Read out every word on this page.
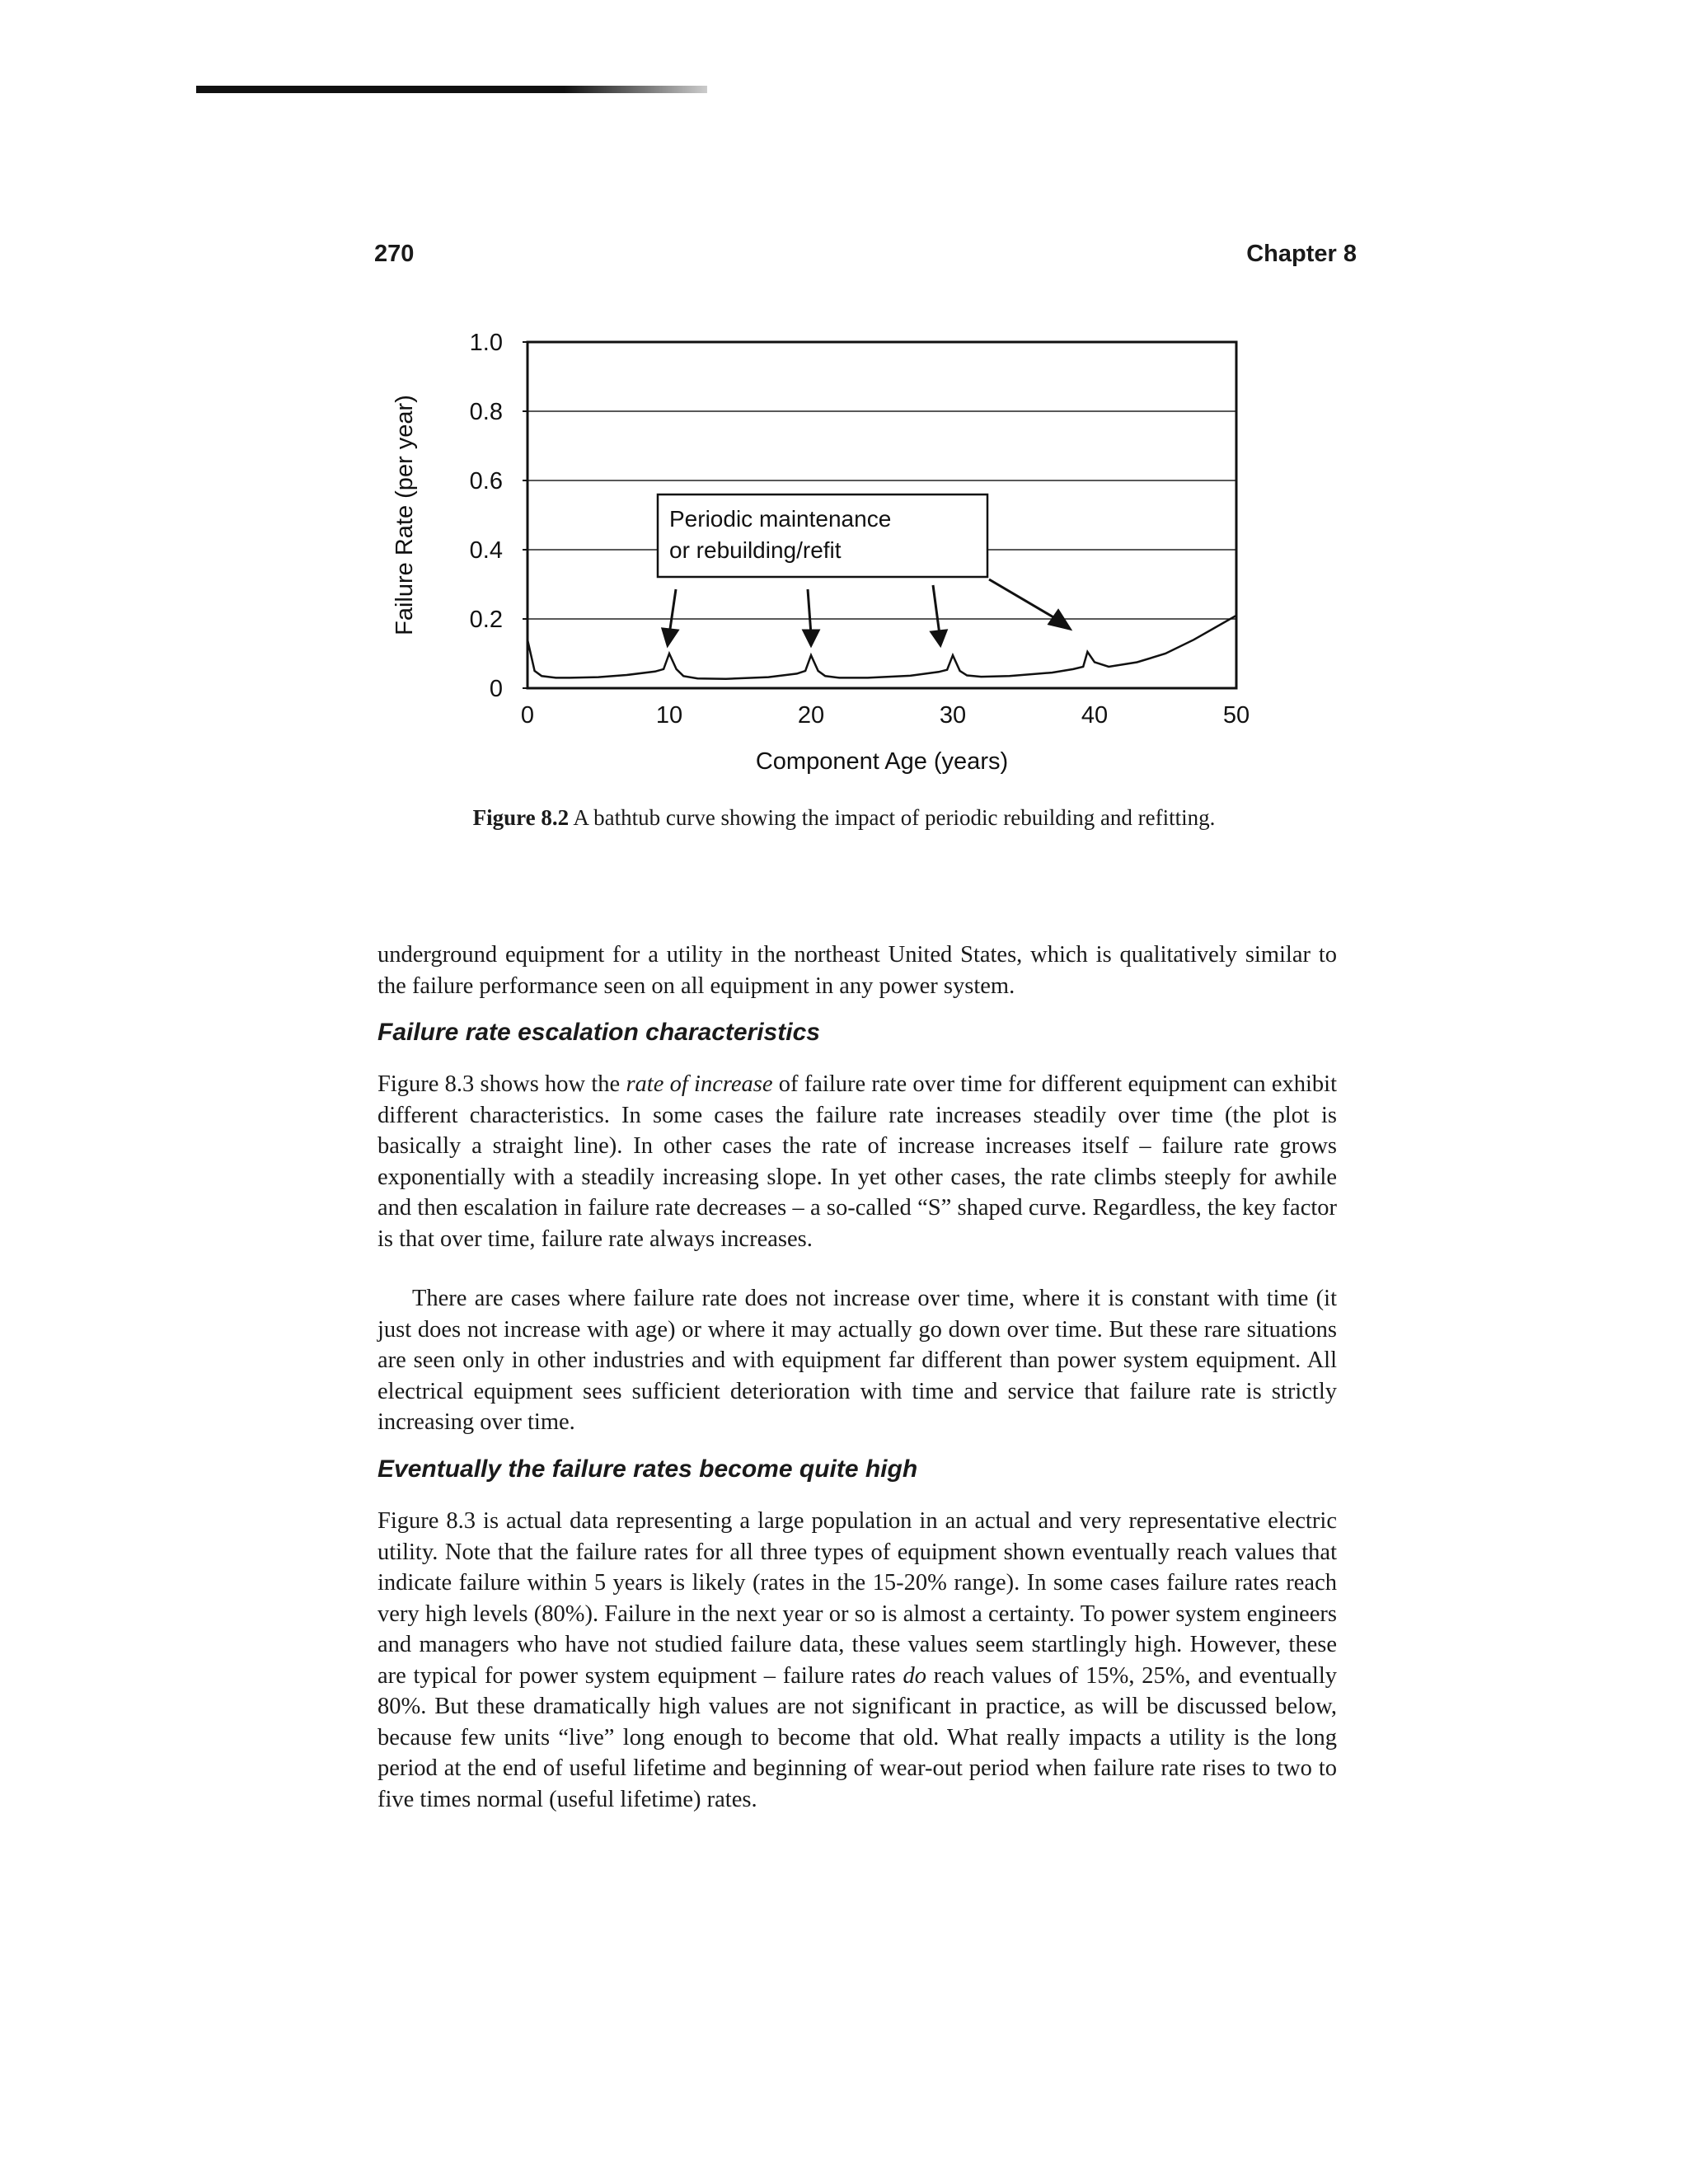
270	Chapter 8
0
0.2
0.4
0.6
0.8
1.0
0	10	20	30	40	50
Failure Rate (per year)
Component Age (years)
Periodic maintenance
or rebuilding/refit
Figure 8.2 A bathtub curve showing the impact of periodic rebuilding and refitting.

underground equipment for a utility in the northeast United States, which is qualitatively similar to the failure performance seen on all equipment in any power system.

Failure rate escalation characteristics

Figure 8.3 shows how the rate of increase of failure rate over time for different equipment can exhibit different characteristics. In some cases the failure rate increases steadily over time (the plot is basically a straight line). In other cases the rate of increase increases itself – failure rate grows exponentially with a steadily increasing slope. In yet other cases, the rate climbs steeply for awhile and then escalation in failure rate decreases – a so-called “S” shaped curve. Regardless, the key factor is that over time, failure rate always increases.

There are cases where failure rate does not increase over time, where it is constant with time (it just does not increase with age) or where it may actually go down over time. But these rare situations are seen only in other industries and with equipment far different than power system equipment. All electrical equipment sees sufficient deterioration with time and service that failure rate is strictly increasing over time.

Eventually the failure rates become quite high

Figure 8.3 is actual data representing a large population in an actual and very representative electric utility. Note that the failure rates for all three types of equipment shown eventually reach values that indicate failure within 5 years is likely (rates in the 15-20% range). In some cases failure rates reach very high levels (80%). Failure in the next year or so is almost a certainty. To power system engineers and managers who have not studied failure data, these values seem startlingly high. However, these are typical for power system equipment – failure rates do reach values of 15%, 25%, and eventually 80%. But these dramatically high values are not significant in practice, as will be discussed below, because few units “live” long enough to become that old. What really impacts a utility is the long period at the end of useful lifetime and beginning of wear-out period when failure rate rises to two to five times normal (useful lifetime) rates.
